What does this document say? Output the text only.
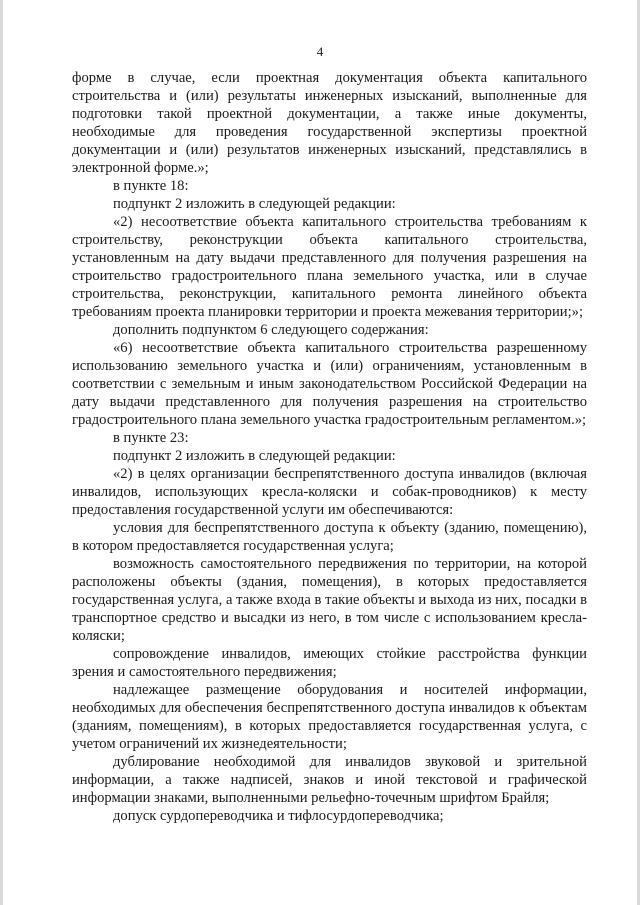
4

форме в случае, если проектная документация объекта капитального строительства и (или) результаты инженерных изысканий, выполненные для подготовки такой проектной документации, а также иные документы, необходимые для проведения государственной экспертизы проектной документации и (или) результатов инженерных изысканий, представлялись в электронной форме.»;

в пункте 18:

подпункт 2 изложить в следующей редакции:

«2) несоответствие объекта капитального строительства требованиям к строительству, реконструкции объекта капитального строительства, установленным на дату выдачи представленного для получения разрешения на строительство градостроительного плана земельного участка, или в случае строительства, реконструкции, капитального ремонта линейного объекта требованиям проекта планировки территории и проекта межевания территории;»;

дополнить подпунктом 6 следующего содержания:

«6) несоответствие объекта капитального строительства разрешенному использованию земельного участка и (или) ограничениям, установленным в соответствии с земельным и иным законодательством Российской Федерации на дату выдачи представленного для получения разрешения на строительство градостроительного плана земельного участка градостроительным регламентом.»;

в пункте 23:

подпункт 2 изложить в следующей редакции:

«2) в целях организации беспрепятственного доступа инвалидов (включая инвалидов, использующих кресла-коляски и собак-проводников) к месту предоставления государственной услуги им обеспечиваются:

условия для беспрепятственного доступа к объекту (зданию, помещению), в котором предоставляется государственная услуга;

возможность самостоятельного передвижения по территории, на которой расположены объекты (здания, помещения), в которых предоставляется государственная услуга, а также входа в такие объекты и выхода из них, посадки в транспортное средство и высадки из него, в том числе с использованием кресла-коляски;

сопровождение инвалидов, имеющих стойкие расстройства функции зрения и самостоятельного передвижения;

надлежащее размещение оборудования и носителей информации, необходимых для обеспечения беспрепятственного доступа инвалидов к объектам (зданиям, помещениям), в которых предоставляется государственная услуга, с учетом ограничений их жизнедеятельности;

дублирование необходимой для инвалидов звуковой и зрительной информации, а также надписей, знаков и иной текстовой и графической информации знаками, выполненными рельефно-точечным шрифтом Брайля;

допуск сурдопереводчика и тифлосурдопереводчика;
